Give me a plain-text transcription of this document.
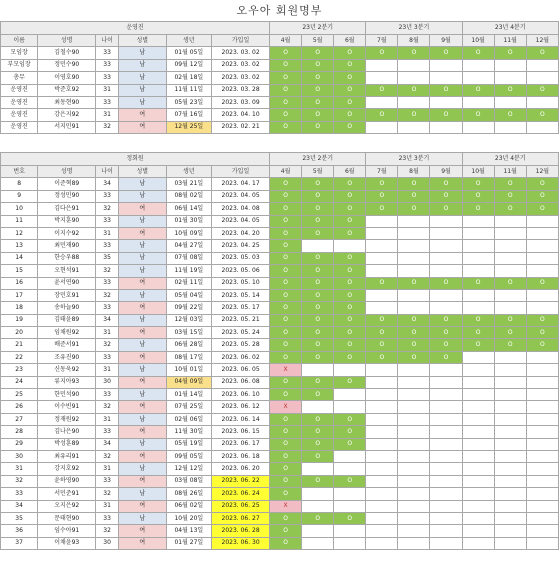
오우아 회원명부
운영진						23년 2분기			23년 3분기			23년 4분기		
이름	성명	나이	성별	생년	가입일	4월	5월	6월	7월	8월	9월	10월	11월	12월
모임장	김철수90	33	남	01월 05일	2023. 03. 02	O	O	O	O	O	O	O	O	O
부모임장	정민수90	33	남	09월 12일	2023. 03. 02	O	O	O						
총무	이영호90	33	남	02월 18일	2023. 03. 02	O	O	O						
운영진	박준호92	31	남	11월 11일	2023. 03. 28	O	O	O	O	O	O	O	O	O
운영진	최동현90	33	남	05월 23일	2023. 03. 09	O	O	O						
운영진	강은지92	31	여	07월 16일	2023. 04. 10	O	O	O	O	O	O	O	O	O
운영진	서지민91	32	여	12월 25일	2023. 02. 21	O	O	O						
정회원						23년 2분기			23년 3분기			23년 4분기		
번호	성명	나이	성별	생년	가입일	4월	5월	6월	7월	8월	9월	10월	11월	12월
8	이준혁89	34	남	03월 21일	2023. 04. 17	O	O	O	O	O	O	O	O	O
9	정성민90	33	남	08월 02일	2023. 04. 05	O	O	O	O	O	O	O	O	O
10	김다은91	32	여	06월 14일	2023. 04. 08	O	O	O	O	O	O	O	O	O
11	박지훈90	33	남	01월 30일	2023. 04. 05	O	O	O						
12	이지수92	31	여	10월 09일	2023. 04. 20	O	O	O						
13	최민재90	33	남	04월 27일	2023. 04. 25	O								
14	한승우88	35	남	07월 08일	2023. 05. 03	O	O	O						
15	오현석91	32	남	11월 19일	2023. 05. 06	O	O	O						
16	윤서연90	33	여	02월 11일	2023. 05. 10	O	O	O	O	O	O	O	O	O
17	장민호91	32	남	05월 04일	2023. 05. 14	O	O	O						
18	송하늘90	33	여	09월 22일	2023. 05. 17	O	O	O						
19	김태윤89	34	남	12월 03일	2023. 05. 21	O	O	O	O	O	O	O	O	O
20	임채원92	31	여	03월 15일	2023. 05. 24	O	O	O	O	O	O	O	O	O
21	배준서91	32	남	06월 28일	2023. 05. 28	O	O	O	O	O	O	O	O	O
22	조유진90	33	여	08월 17일	2023. 06. 02	O	O	O	O	O	O			
23	신동욱92	31	남	10월 01일	2023. 06. 05	X								
24	류지아93	30	여	04월 09일	2023. 06. 08	O	O	O						
25	한민석90	33	남	01월 14일	2023. 06. 10	O	O							
26	이수빈91	32	여	07월 25일	2023. 06. 12	X								
27	정재원92	31	남	02월 06일	2023. 06. 14	O	O	O						
28	김나은90	33	여	11월 30일	2023. 06. 15	O	O	O						
29	박성훈89	34	남	05월 19일	2023. 06. 17	O	O	O						
30	최유리91	32	여	09월 05일	2023. 06. 18	O	O							
31	강지호92	31	남	12월 12일	2023. 06. 20	O								
32	윤하영90	33	여	03월 08일	2023. 06. 22	O	O	O						
33	서민준91	32	남	08월 26일	2023. 06. 24	O								
34	오지은92	31	여	06월 02일	2023. 06. 25	X								
35	문태현90	33	남	10월 20일	2023. 06. 27	O	O	O						
36	임수아91	32	여	04월 13일	2023. 06. 28	O								
37	이채윤93	30	여	01월 27일	2023. 06. 30	O								
